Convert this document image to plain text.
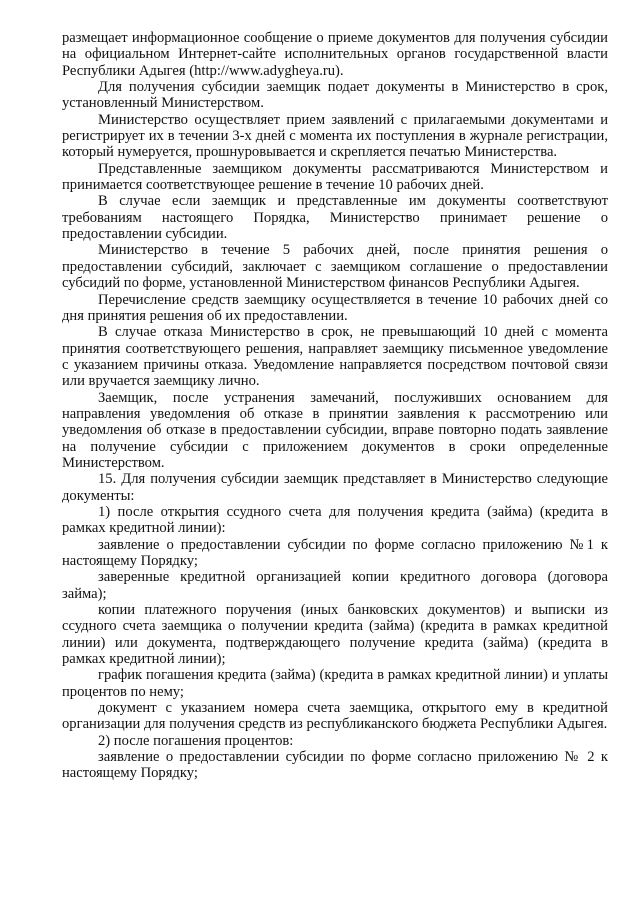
размещает информационное сообщение о приеме документов для получения субсидии на официальном Интернет-сайте исполнительных органов государственной власти Республики Адыгея (http://www.adygheya.ru).

Для получения субсидии заемщик подает документы в Министерство в срок, установленный Министерством.

Министерство осуществляет прием заявлений с прилагаемыми документами и регистрирует их в течении 3-х дней с момента их поступления в журнале регистрации, который нумеруется, прошнуровывается и скрепляется печатью Министерства.

Представленные заемщиком документы рассматриваются Министерством и принимается соответствующее решение в течение 10 рабочих дней.

В случае если заемщик и представленные им документы соответствуют требованиям настоящего Порядка, Министерство принимает решение о предоставлении субсидии.

Министерство в течение 5 рабочих дней, после принятия решения о предоставлении субсидий, заключает с заемщиком соглашение о предоставлении субсидий по форме, установленной Министерством финансов Республики Адыгея.

Перечисление средств заемщику осуществляется в течение 10 рабочих дней со дня принятия решения об их предоставлении.

В случае отказа Министерство в срок, не превышающий 10 дней с момента принятия соответствующего решения, направляет заемщику письменное уведомление с указанием причины отказа. Уведомление направляется посредством почтовой связи или вручается заемщику лично.

Заемщик, после устранения замечаний, послуживших основанием для направления уведомления об отказе в принятии заявления к рассмотрению или уведомления об отказе в предоставлении субсидии, вправе повторно подать заявление на получение субсидии с приложением документов в сроки определенные Министерством.

15. Для получения субсидии заемщик представляет в Министерство следующие документы:

1) после открытия ссудного счета для получения кредита (займа) (кредита в рамках кредитной линии):

заявление о предоставлении субсидии по форме согласно приложению №1 к настоящему Порядку;

заверенные кредитной организацией копии кредитного договора (договора займа);

копии платежного поручения (иных банковских документов) и выписки из ссудного счета заемщика о получении кредита (займа) (кредита в рамках кредитной линии) или документа, подтверждающего получение кредита (займа) (кредита в рамках кредитной линии);

график погашения кредита (займа) (кредита в рамках кредитной линии) и уплаты процентов по нему;

документ с указанием номера счета заемщика, открытого ему в кредитной организации для получения средств из республиканского бюджета Республики Адыгея.

2) после погашения процентов:

заявление о предоставлении субсидии по форме согласно приложению № 2 к настоящему Порядку;
